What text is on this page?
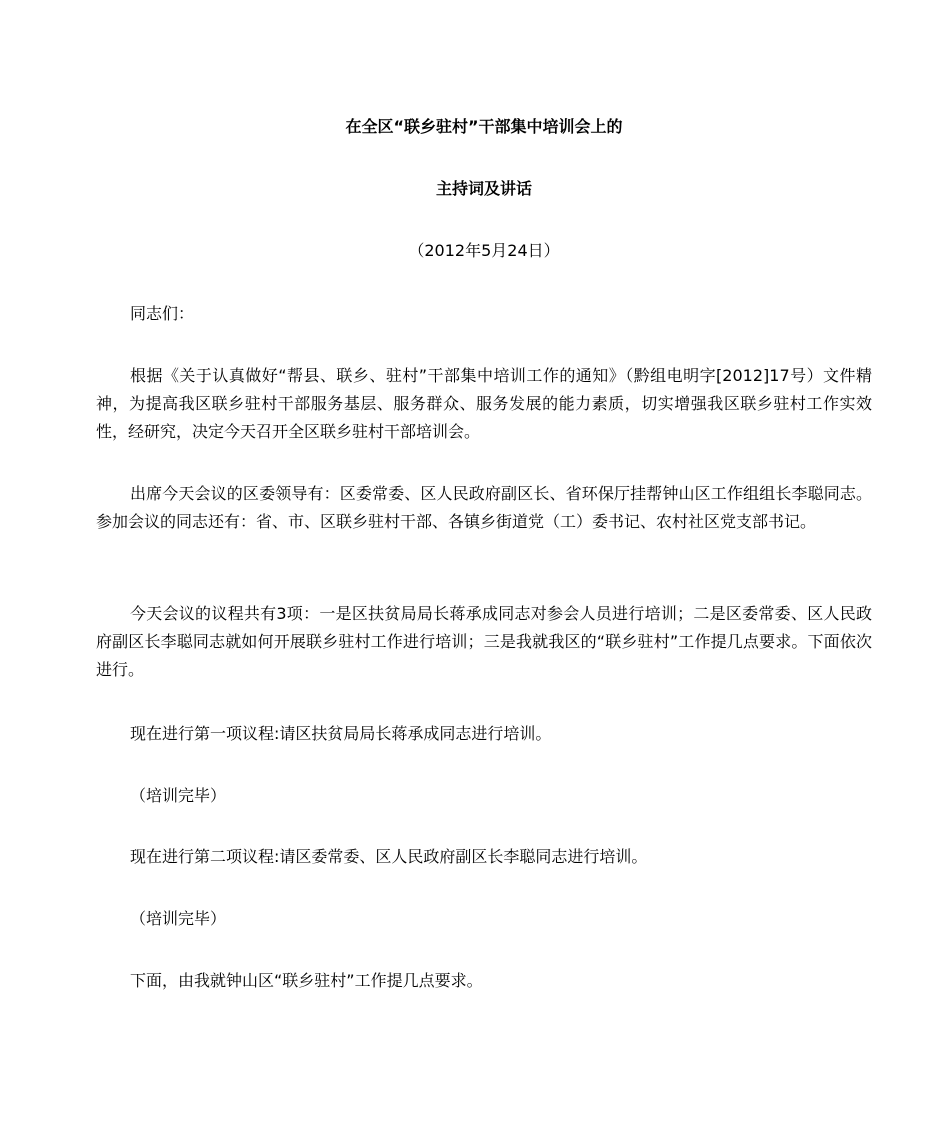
在全区“联乡驻村”干部集中培训会上的

主持词及讲话

（2012年5月24日）

同志们：

根据《关于认真做好“帮县、联乡、驻村”干部集中培训工作的通知》（黔组电明字[2012]17号）文件精神，为提高我区联乡驻村干部服务基层、服务群众、服务发展的能力素质，切实增强我区联乡驻村工作实效性，经研究，决定今天召开全区联乡驻村干部培训会。

出席今天会议的区委领导有：区委常委、区人民政府副区长、省环保厅挂帮钟山区工作组组长李聪同志。参加会议的同志还有：省、市、区联乡驻村干部、各镇乡街道党（工）委书记、农村社区党支部书记。

今天会议的议程共有3项：一是区扶贫局局长蒋承成同志对参会人员进行培训；二是区委常委、区人民政府副区长李聪同志就如何开展联乡驻村工作进行培训；三是我就我区的“联乡驻村”工作提几点要求。下面依次进行。

现在进行第一项议程:请区扶贫局局长蒋承成同志进行培训。

（培训完毕）

现在进行第二项议程:请区委常委、区人民政府副区长李聪同志进行培训。

（培训完毕）

下面，由我就钟山区“联乡驻村”工作提几点要求。
